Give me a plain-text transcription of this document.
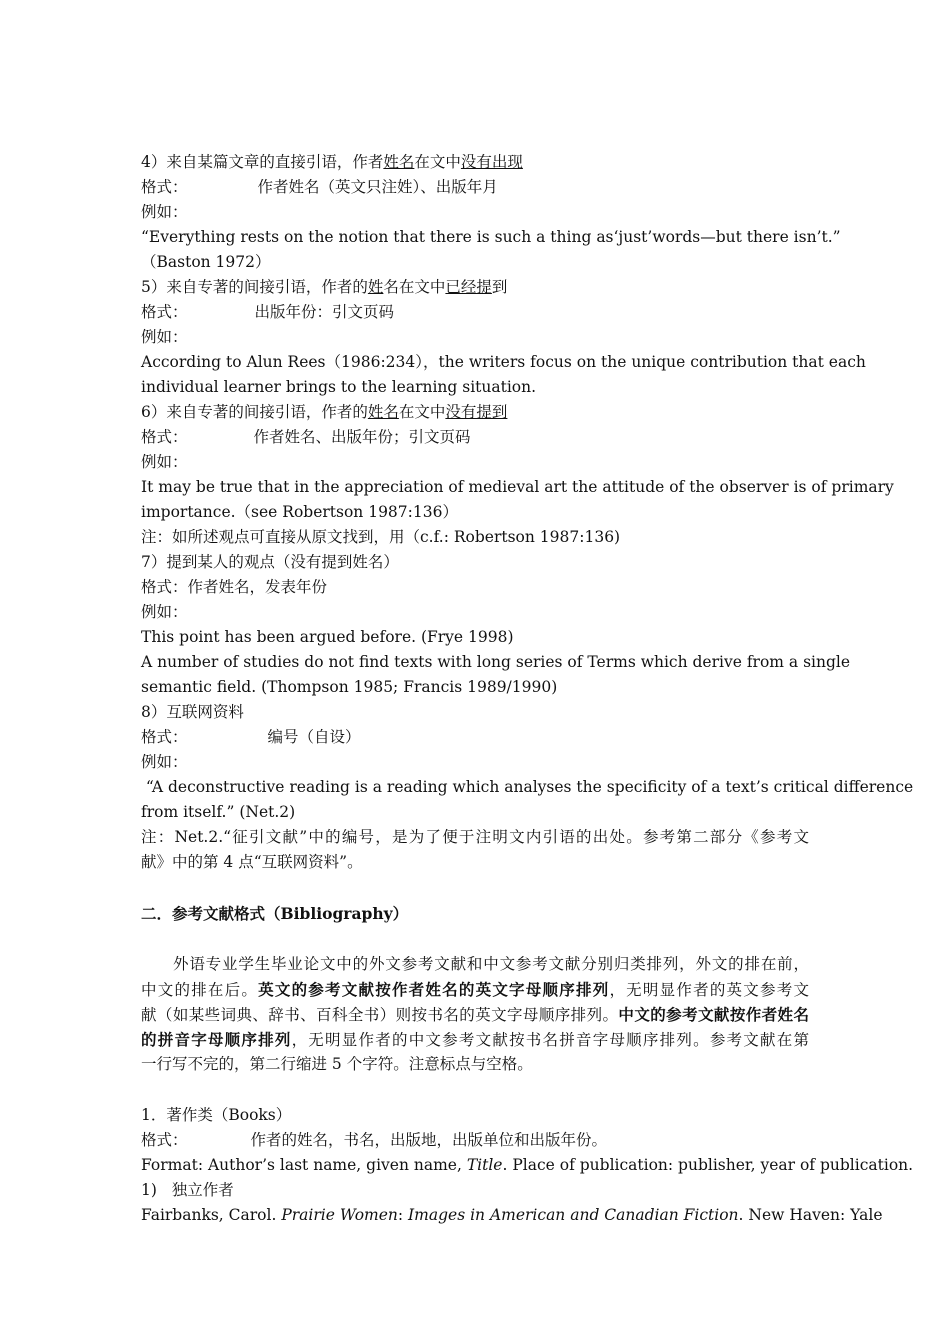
4）来自某篇文章的直接引语，作者姓名在文中没有出现
格式：	作者姓名（英文只注姓）、出版年月
例如：
“Everything rests on the notion that there is such a thing as‘just’words—but there isn’t.”
（Baston 1972）
5）来自专著的间接引语，作者的姓名在文中已经提到
格式：	出版年份：引文页码
例如：
According to Alun Rees（1986:234），the writers focus on the unique contribution that each
individual learner brings to the learning situation.
6）来自专著的间接引语，作者的姓名在文中没有提到
格式：	作者姓名、出版年份；引文页码
例如：
It may be true that in the appreciation of medieval art the attitude of the observer is of primary
importance.（see Robertson 1987:136）
注：如所述观点可直接从原文找到，用（c.f.: Robertson 1987:136)
7）提到某人的观点（没有提到姓名）
格式：作者姓名，发表年份
例如：
This point has been argued before. (Frye 1998)
A number of studies do not find texts with long series of Terms which derive from a single
semantic field. (Thompson 1985; Francis 1989/1990)
8）互联网资料
格式：	编号（自设）
例如：
“A deconstructive reading is a reading which analyses the specificity of a text’s critical difference
from itself.” (Net.2)
注：Net.2.“征引文献”中的编号，是为了便于注明文内引语的出处。参考第二部分《参考文
献》中的第 4 点“互联网资料”。
二．参考文献格式（Bibliography）
外语专业学生毕业论文中的外文参考文献和中文参考文献分别归类排列，外文的排在前，
中文的排在后。英文的参考文献按作者姓名的英文字母顺序排列，无明显作者的英文参考文
献（如某些词典、辞书、百科全书）则按书名的英文字母顺序排列。中文的参考文献按作者姓名
的拼音字母顺序排列，无明显作者的中文参考文献按书名拼音字母顺序排列。参考文献在第
一行写不完的，第二行缩进 5 个字符。注意标点与空格。
1．著作类（Books）
格式：	作者的姓名，书名，出版地，出版单位和出版年份。
Format: Author’s last name, given name, Title. Place of publication: publisher, year of publication.
1)   独立作者
Fairbanks, Carol. Prairie Women: Images in American and Canadian Fiction. New Haven: Yale
